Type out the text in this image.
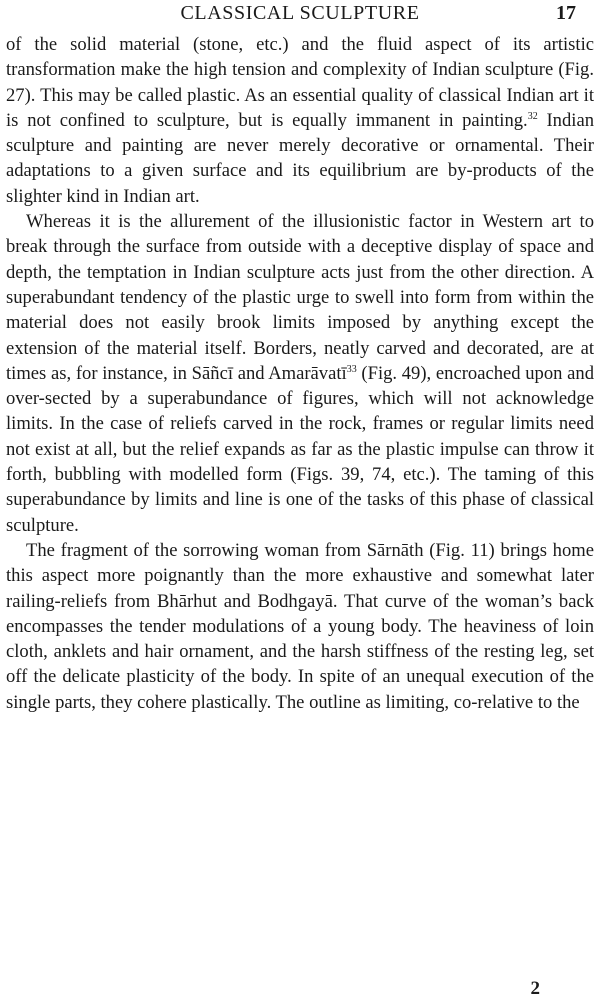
CLASSICAL SCULPTURE	17

of the solid material (stone, etc.) and the fluid aspect of its artistic transformation make the high tension and complexity of Indian sculpture (Fig. 27). This may be called plastic. As an essential quality of classical Indian art it is not confined to sculpture, but is equally immanent in painting.$^{32}$ Indian sculpture and painting are never merely decorative or ornamental. Their adaptations to a given surface and its equilibrium are by-products of the slighter kind in Indian art.

Whereas it is the allurement of the illusionistic factor in Western art to break through the surface from outside with a deceptive display of space and depth, the temptation in Indian sculpture acts just from the other direction. A superabundant tendency of the plastic urge to swell into form from within the material does not easily brook limits imposed by anything except the extension of the material itself. Borders, neatly carved and decorated, are at times as, for instance, in Sāñcī and Amarāvatī$^{33}$ (Fig. 49), encroached upon and over-sected by a superabundance of figures, which will not acknowledge limits. In the case of reliefs carved in the rock, frames or regular limits need not exist at all, but the relief expands as far as the plastic impulse can throw it forth, bubbling with modelled form (Figs. 39, 74, etc.). The taming of this superabundance by limits and line is one of the tasks of this phase of classical sculpture.

The fragment of the sorrowing woman from Sārnāth (Fig. 11) brings home this aspect more poignantly than the more exhaustive and somewhat later railing-reliefs from Bhārhut and Bodhgayā. That curve of the woman’s back encompasses the tender modulations of a young body. The heaviness of loin cloth, anklets and hair ornament, and the harsh stiffness of the resting leg, set off the delicate plasticity of the body. In spite of an unequal execution of the single parts, they cohere plastically. The outline as limiting, co-relative to the

2
